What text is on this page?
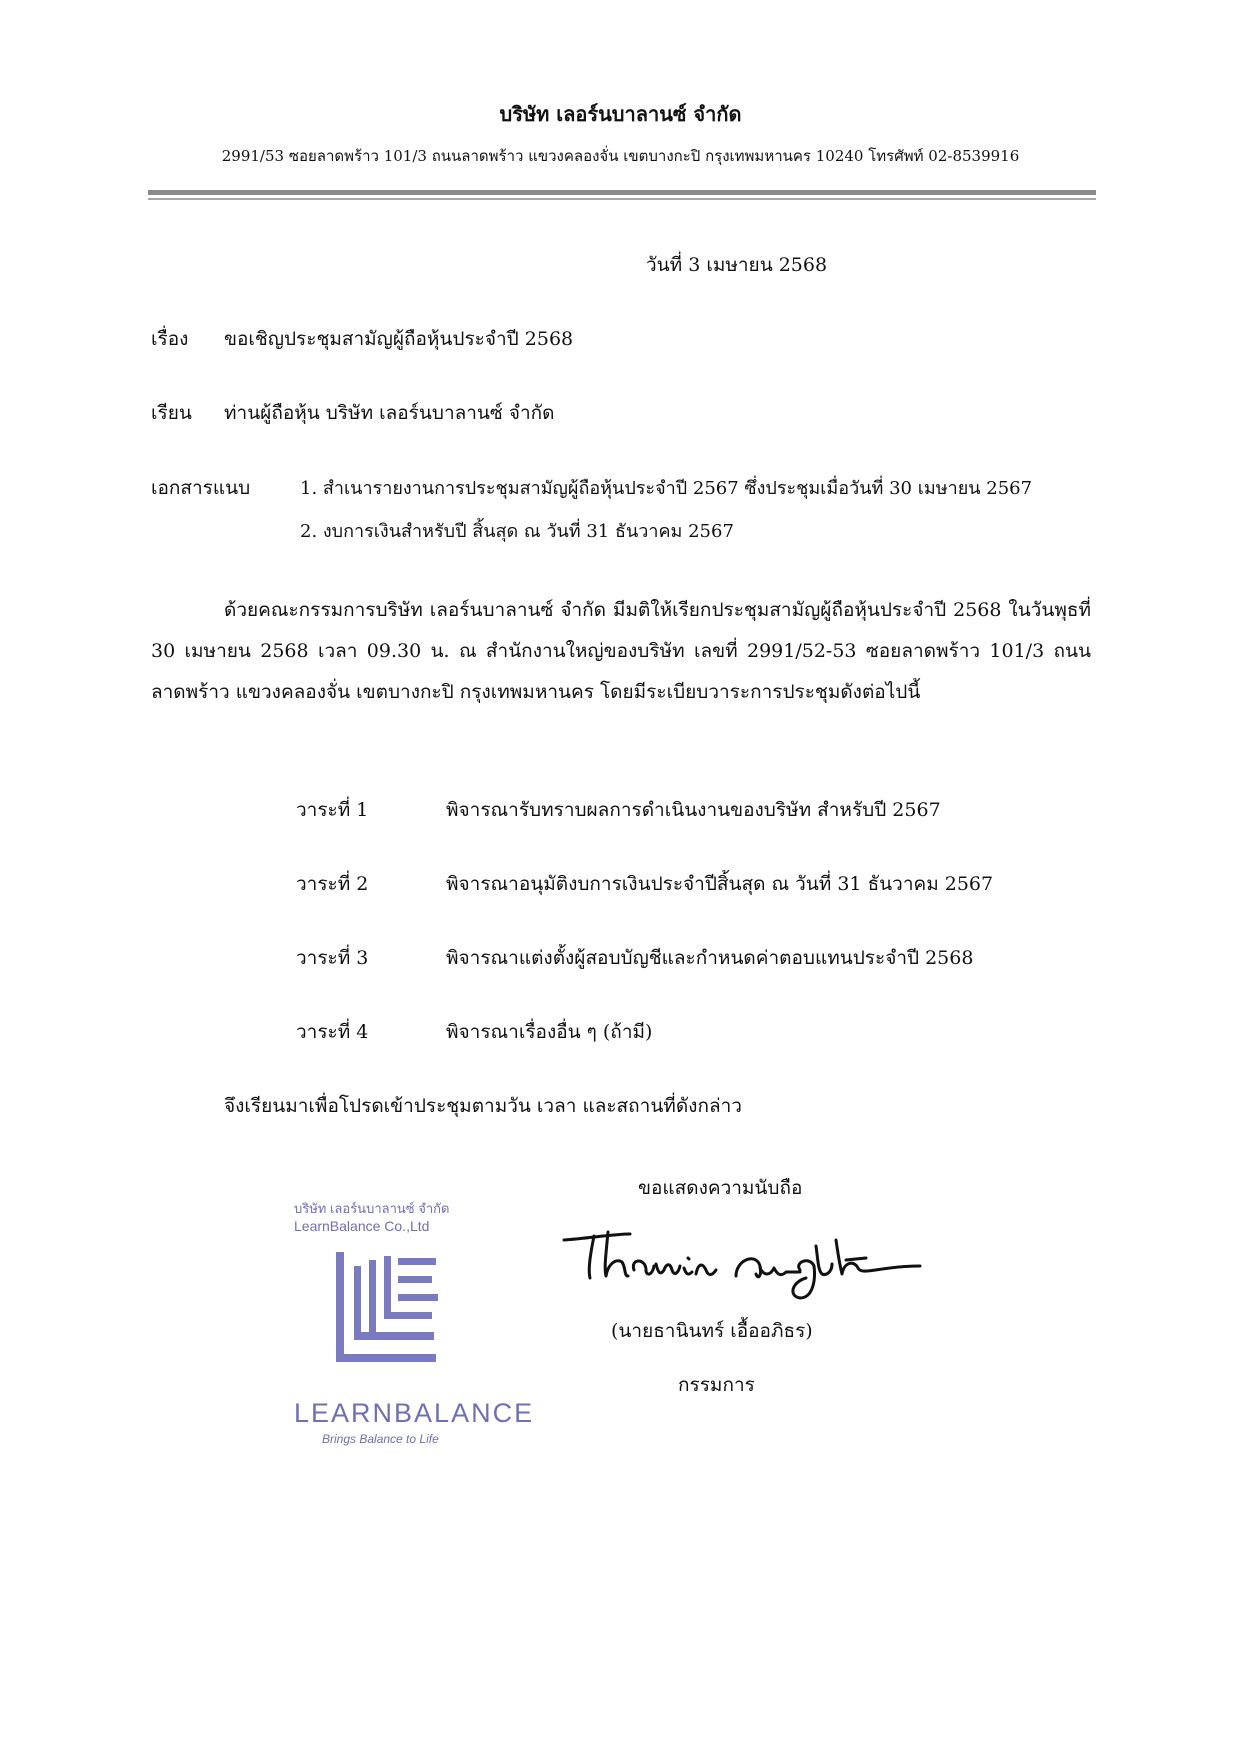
บริษัท เลอร์นบาลานซ์ จำกัด
2991/53 ซอยลาดพร้าว 101/3 ถนนลาดพร้าว แขวงคลองจั่น เขตบางกะปิ กรุงเทพมหานคร 10240 โทรศัพท์ 02-8539916
วันที่ 3 เมษายน 2568
เรื่อง ขอเชิญประชุมสามัญผู้ถือหุ้นประจำปี 2568
เรียน ท่านผู้ถือหุ้น บริษัท เลอร์นบาลานซ์ จำกัด
เอกสารแนบ	1. สำเนารายงานการประชุมสามัญผู้ถือหุ้นประจำปี 2567 ซึ่งประชุมเมื่อวันที่ 30 เมษายน 2567
2. งบการเงินสำหรับปี สิ้นสุด ณ วันที่ 31 ธันวาคม 2567
ด้วยคณะกรรมการบริษัท เลอร์นบาลานซ์ จำกัด มีมติให้เรียกประชุมสามัญผู้ถือหุ้นประจำปี 2568 ในวันพุธที่ 30 เมษายน 2568 เวลา 09.30 น. ณ สำนักงานใหญ่ของบริษัท เลขที่ 2991/52-53 ซอยลาดพร้าว 101/3 ถนนลาดพร้าว แขวงคลองจั่น เขตบางกะปิ กรุงเทพมหานคร โดยมีระเบียบวาระการประชุมดังต่อไปนี้
วาระที่ 1	พิจารณารับทราบผลการดำเนินงานของบริษัท สำหรับปี 2567
วาระที่ 2	พิจารณาอนุมัติงบการเงินประจำปีสิ้นสุด ณ วันที่ 31 ธันวาคม 2567
วาระที่ 3	พิจารณาแต่งตั้งผู้สอบบัญชีและกำหนดค่าตอบแทนประจำปี 2568
วาระที่ 4	พิจารณาเรื่องอื่น ๆ (ถ้ามี)
จึงเรียนมาเพื่อโปรดเข้าประชุมตามวัน เวลา และสถานที่ดังกล่าว
ขอแสดงความนับถือ
บริษัท เลอร์นบาลานซ์ จำกัด
LearnBalance Co.,Ltd
LEARNBALANCE
Brings Balance to Life
(นายธานินทร์ เอื้ออภิธร)
กรรมการ
